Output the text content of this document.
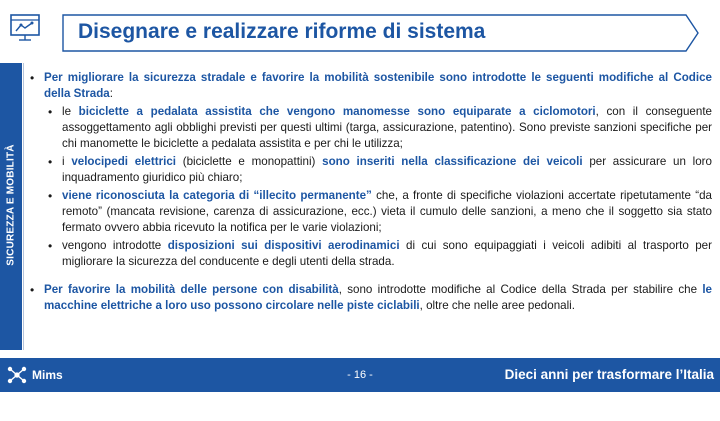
Disegnare e realizzare riforme di sistema
SICUREZZA E MOBILITÀ

• Per migliorare la sicurezza stradale e favorire la mobilità sostenibile sono introdotte le seguenti modifiche al Codice della Strada:

• le biciclette a pedalata assistita che vengono manomesse sono equiparate a ciclomotori, con il conseguente assoggettamento agli obblighi previsti per questi ultimi (targa, assicurazione, patentino). Sono previste sanzioni specifiche per chi manomette le biciclette a pedalata assistita e per chi le utilizza;

• i velocipedi elettrici (biciclette e monopattini) sono inseriti nella classificazione dei veicoli per assicurare un loro inquadramento giuridico più chiaro;

• viene riconosciuta la categoria di “illecito permanente” che, a fronte di specifiche violazioni accertate ripetutamente “da remoto” (mancata revisione, carenza di assicurazione, ecc.) vieta il cumulo delle sanzioni, a meno che il soggetto sia stato fermato ovvero abbia ricevuto la notifica per le varie violazioni;

• vengono introdotte disposizioni sui dispositivi aerodinamici di cui sono equipaggiati i veicoli adibiti al trasporto per migliorare la sicurezza del conducente e degli utenti della strada.

• Per favorire la mobilità delle persone con disabilità, sono introdotte modifiche al Codice della Strada per stabilire che le macchine elettriche a loro uso possono circolare nelle piste ciclabili, oltre che nelle aree pedonali.

Mims	- 16 -	Dieci anni per trasformare l’Italia
